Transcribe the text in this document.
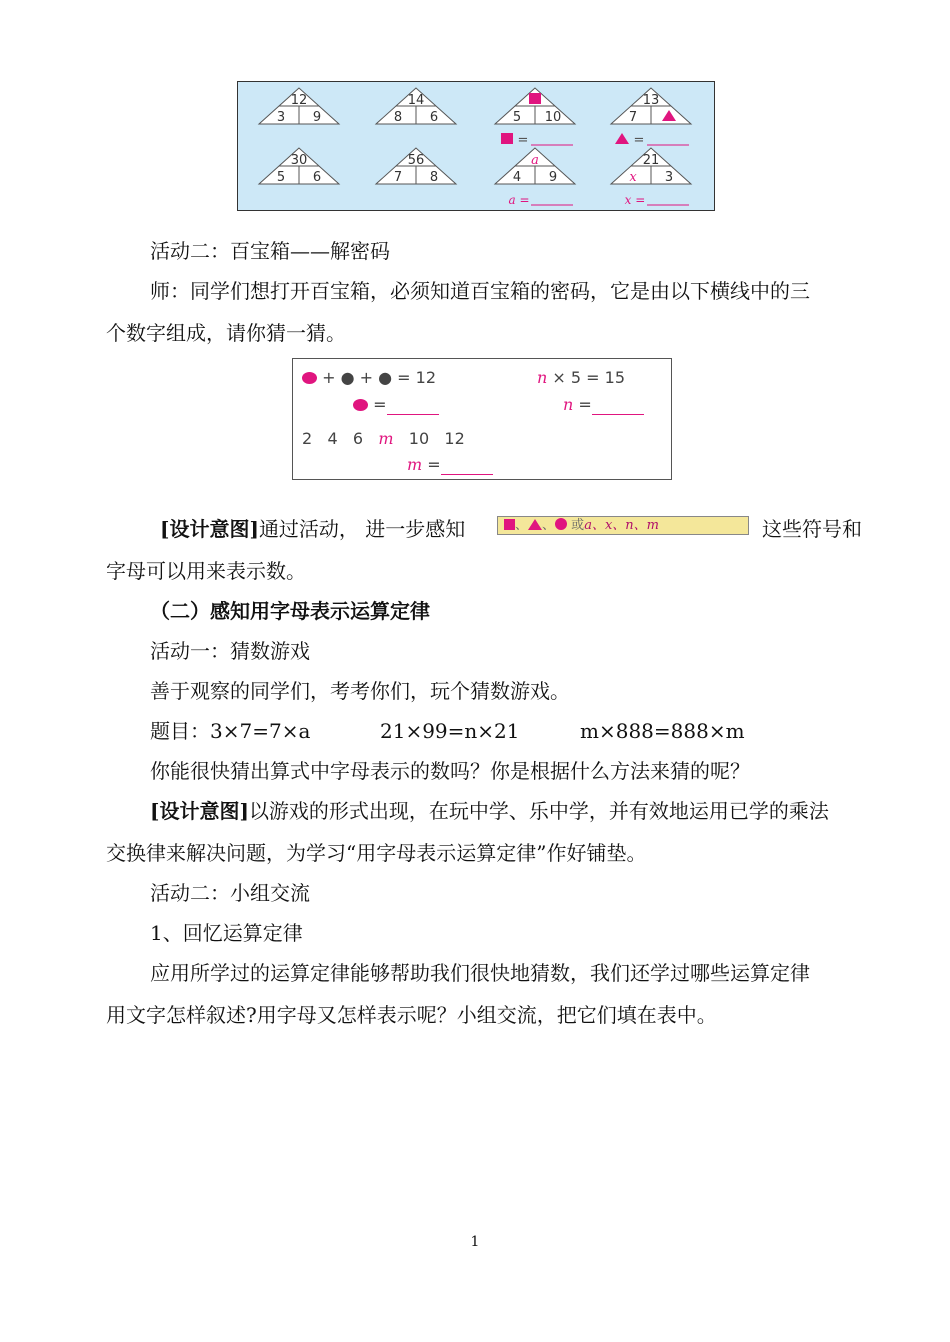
12
3 9
14
8 6	5 10
=
13
7
=
30
5 6
56
7 8
a
4 9
a =
21
x 3
x =
活动二：百宝箱——解密码
师：同学们想打开百宝箱，必须知道百宝箱的密码，它是由以下横线中的三
个数字组成，请你猜一猜。
+ ● + ● = 12
=
n × 5 = 15
n =
2   4   6 m 10   12
m =
[设计意图]通过活动， 进一步感知	、 、 或a、x、n、m	这些符号和
字母可以用来表示数。
（二）感知用字母表示运算定律
活动一：猜数游戏
善于观察的同学们，考考你们，玩个猜数游戏。
题目：3×7=7×a	21×99=n×21	m×888=888×m
你能很快猜出算式中字母表示的数吗？你是根据什么方法来猜的呢？
[设计意图]以游戏的形式出现，在玩中学、乐中学，并有效地运用已学的乘法
交换律来解决问题，为学习“用字母表示运算定律”作好铺垫。
活动二：小组交流
1、回忆运算定律
应用所学过的运算定律能够帮助我们很快地猜数，我们还学过哪些运算定律
用文字怎样叙述?用字母又怎样表示呢？小组交流，把它们填在表中。
1
